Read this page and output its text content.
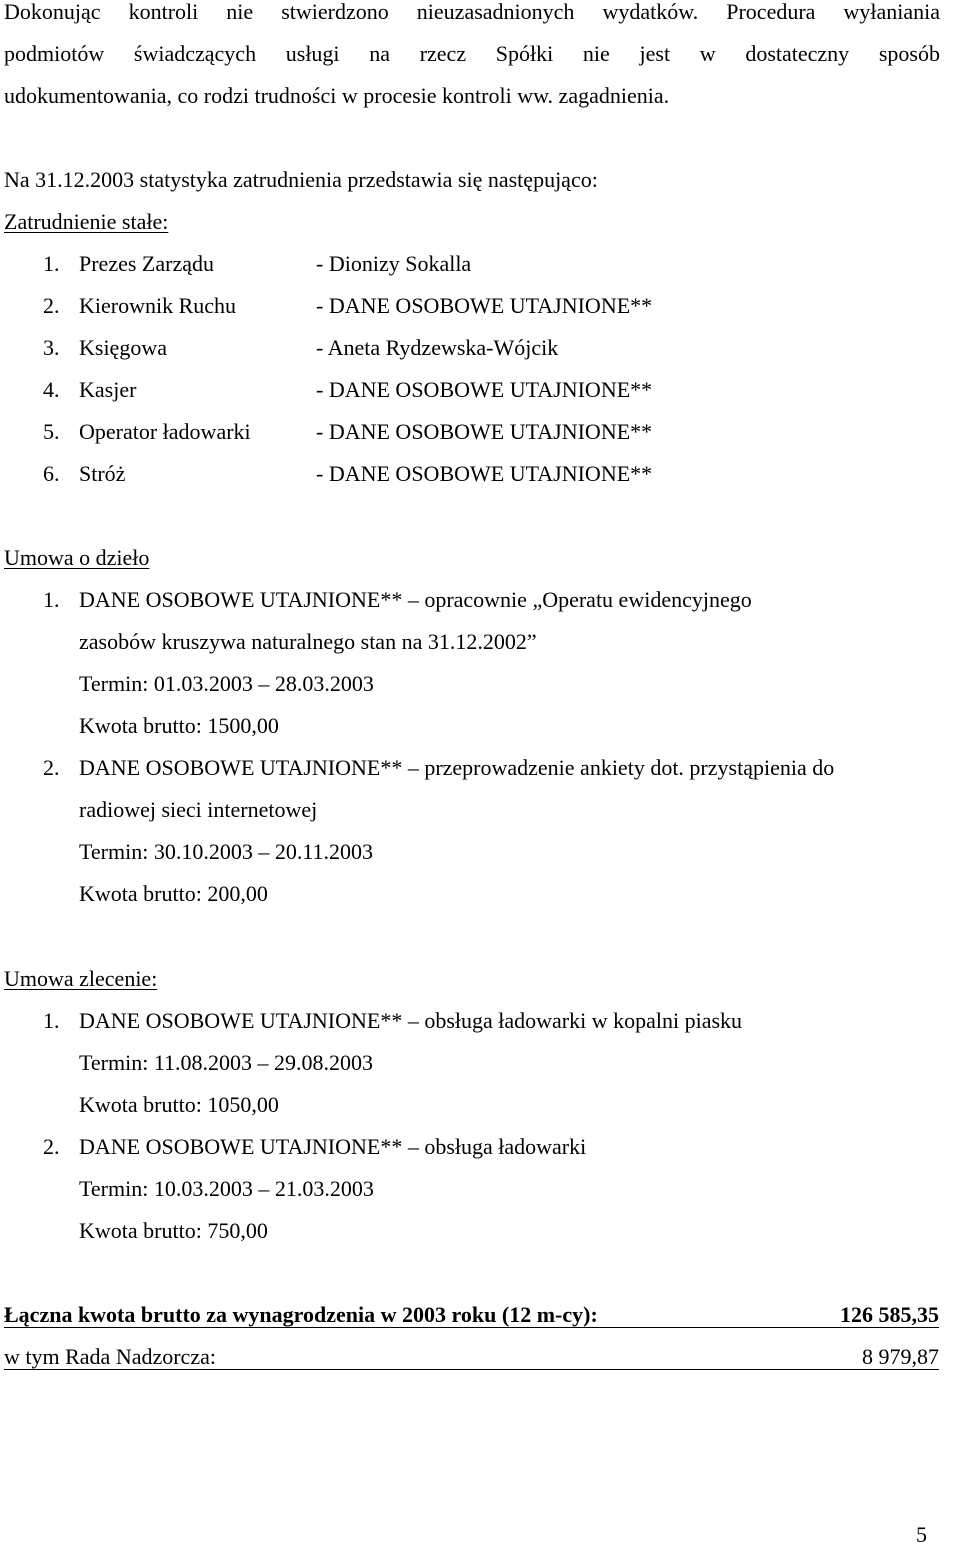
Dokonując kontroli nie stwierdzono nieuzasadnionych wydatków. Procedura wyłaniania
podmiotów świadczących usługi na rzecz Spółki nie jest w dostateczny sposób
udokumentowania, co rodzi trudności w procesie kontroli ww. zagadnienia.
Na 31.12.2003 statystyka zatrudnienia przedstawia się następująco:
Zatrudnienie stałe:
1. Prezes Zarządu	- Dionizy Sokalla
2. Kierownik Ruchu	- DANE OSOBOWE UTAJNIONE**
3. Księgowa	- Aneta Rydzewska-Wójcik
4. Kasjer	- DANE OSOBOWE UTAJNIONE**
5. Operator ładowarki	- DANE OSOBOWE UTAJNIONE**
6. Stróż	- DANE OSOBOWE UTAJNIONE**
Umowa o dzieło
1. DANE OSOBOWE UTAJNIONE** – opracownie „Operatu ewidencyjnego
zasobów kruszywa naturalnego stan na 31.12.2002”
Termin: 01.03.2003 – 28.03.2003
Kwota brutto: 1500,00
2. DANE OSOBOWE UTAJNIONE** – przeprowadzenie ankiety dot. przystąpienia do
radiowej sieci internetowej
Termin: 30.10.2003 – 20.11.2003
Kwota brutto: 200,00
Umowa zlecenie:
1. DANE OSOBOWE UTAJNIONE** – obsługa ładowarki w kopalni piasku
Termin: 11.08.2003 – 29.08.2003
Kwota brutto: 1050,00
2. DANE OSOBOWE UTAJNIONE** – obsługa ładowarki
Termin: 10.03.2003 – 21.03.2003
Kwota brutto: 750,00
Łączna kwota brutto za wynagrodzenia w 2003 roku (12 m-cy):	126 585,35
w tym Rada Nadzorcza:	8 979,87
5
